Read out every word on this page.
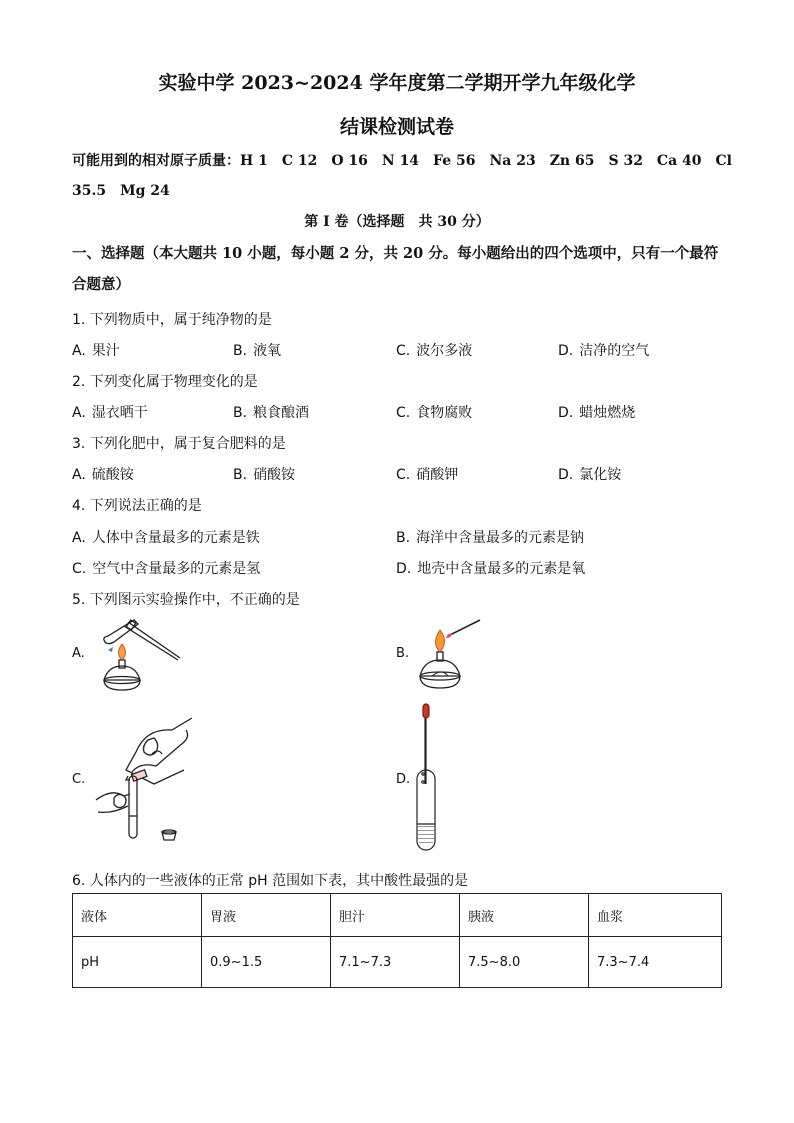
实验中学 2023~2024 学年度第二学期开学九年级化学
结课检测试卷
可能用到的相对原子质量：H 1　C 12　O 16　N 14　Fe 56　Na 23　Zn 65　S 32　Ca 40　Cl 35.5　Mg 24
第 I 卷（选择题　共 30 分）
一、选择题（本大题共 10 小题，每小题 2 分，共 20 分。每小题给出的四个选项中，只有一个最符合题意）
1. 下列物质中，属于纯净物的是
A. 果汁	B. 液氧	C. 波尔多液	D. 洁净的空气
2. 下列变化属于物理变化的是
A. 湿衣晒干	B. 粮食酿酒	C. 食物腐败	D. 蜡烛燃烧
3. 下列化肥中，属于复合肥料的是
A. 硫酸铵	B. 硝酸铵	C. 硝酸钾	D. 氯化铵
4. 下列说法正确的是
A. 人体中含量最多的元素是铁	B. 海洋中含量最多的元素是钠
C. 空气中含量最多的元素是氢	D. 地壳中含量最多的元素是氧
5. 下列图示实验操作中，不正确的是
A.	B.
C.	D.
6. 人体内的一些液体的正常 pH 范围如下表，其中酸性最强的是
液体	胃液	胆汁	胰液	血浆
pH	0.9~1.5	7.1~7.3	7.5~8.0	7.3~7.4
